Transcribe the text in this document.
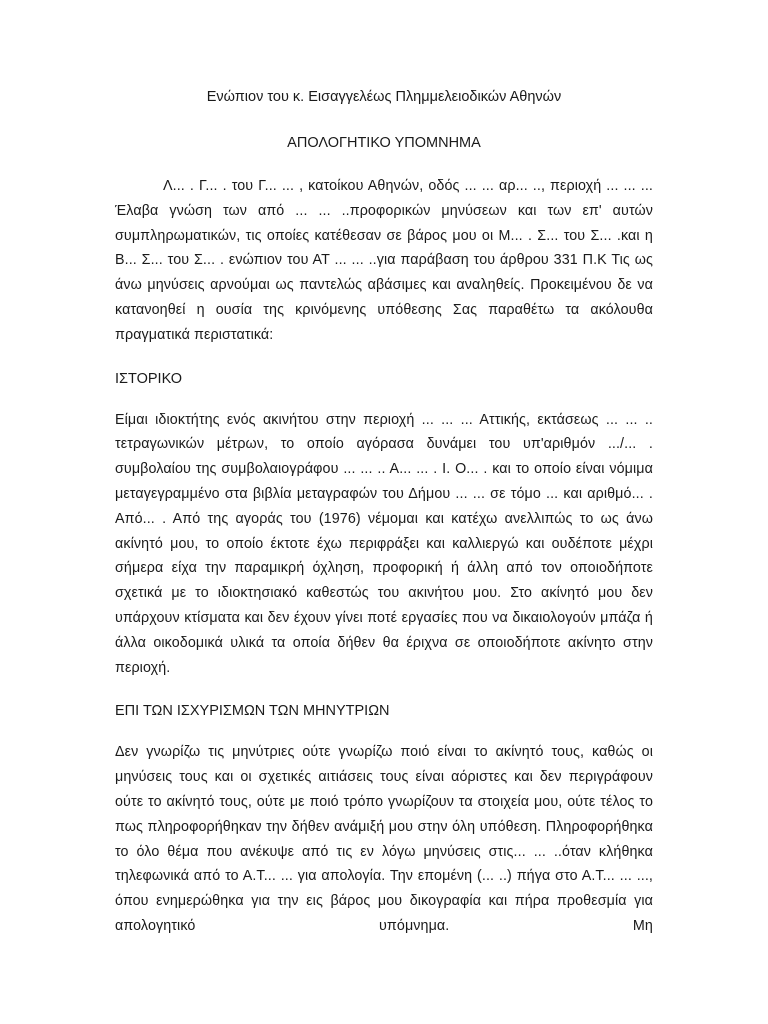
Ενώπιον του κ. Εισαγγελέως Πλημμελειοδικών Αθηνών

ΑΠΟΛΟΓΗΤΙΚΟ ΥΠΟΜΝΗΜΑ

Λ... . Γ... . του Γ... ... , κατοίκου Αθηνών, οδός ... ... αρ... .., περιοχή ... ... ... Έλαβα γνώση των από ... ... ..προφορικών μηνύσεων και των επ' αυτών συμπληρωματικών, τις οποίες κατέθεσαν σε βάρος μου οι Μ... . Σ... του Σ... .και η Β... Σ... του Σ... . ενώπιον του ΑΤ ... ... ..για παράβαση του άρθρου 331 Π.Κ Τις ως άνω μηνύσεις αρνούμαι ως παντελώς αβάσιμες και αναληθείς. Προκειμένου δε να κατανοηθεί η ουσία της κρινόμενης υπόθεσης Σας παραθέτω τα ακόλουθα πραγματικά περιστατικά:

ΙΣΤΟΡΙΚΟ

Είμαι ιδιοκτήτης ενός ακινήτου στην περιοχή ... ... ... Αττικής, εκτάσεως ... ... .. τετραγωνικών μέτρων, το οποίο αγόρασα δυνάμει του υπ'αριθμόν .../... . συμβολαίου της συμβολαιογράφου ... ... .. Α... ... . Ι. Ο... . και το οποίο είναι νόμιμα μεταγεγραμμένο στα βιβλία μεταγραφών του Δήμου ... ... σε τόμο ... και αριθμό... . Από... . Από της αγοράς του (1976) νέμομαι και κατέχω ανελλιπώς το ως άνω ακίνητό μου, το οποίο έκτοτε έχω περιφράξει και καλλιεργώ και ουδέποτε μέχρι σήμερα είχα την παραμικρή όχληση, προφορική ή άλλη από τον οποιοδήποτε σχετικά με το ιδιοκτησιακό καθεστώς του ακινήτου μου. Στο ακίνητό μου δεν υπάρχουν κτίσματα και δεν έχουν γίνει ποτέ εργασίες που να δικαιολογούν μπάζα ή άλλα οικοδομικά υλικά τα οποία δήθεν θα έριχνα σε οποιοδήποτε ακίνητο στην περιοχή.

ΕΠΙ ΤΩΝ ΙΣΧΥΡΙΣΜΩΝ ΤΩΝ ΜΗΝΥΤΡΙΩΝ

Δεν γνωρίζω τις μηνύτριες ούτε γνωρίζω ποιό είναι το ακίνητό τους, καθώς οι μηνύσεις τους και οι σχετικές αιτιάσεις τους είναι αόριστες και δεν περιγράφουν ούτε το ακίνητό τους, ούτε με ποιό τρόπο γνωρίζουν τα στοιχεία μου, ούτε τέλος το πως πληροφορήθηκαν την δήθεν ανάμιξή μου στην όλη υπόθεση. Πληροφορήθηκα το όλο θέμα που ανέκυψε από τις εν λόγω μηνύσεις στις... ... ..όταν κλήθηκα τηλεφωνικά από το Α.Τ... ... για απολογία. Την επομένη (... ..) πήγα στο Α.Τ... ... ..., όπου ενημερώθηκα για την εις βάρος μου δικογραφία και πήρα προθεσμία για απολογητικό υπόμνημα. Μη
